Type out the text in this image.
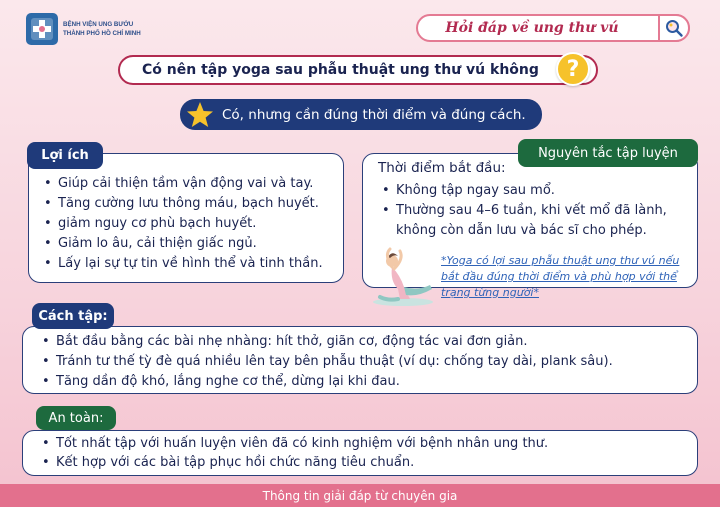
BỆNH VIỆN UNG BƯỚU
THÀNH PHỐ HỒ CHÍ MINH	Hỏi đáp về ung thư vú
Có nên tập yoga sau phẫu thuật ung thư vú không	?
Có, nhưng cần đúng thời điểm và đúng cách.
Lợi ích
• Giúp cải thiện tầm vận động vai và tay.
• Tăng cường lưu thông máu, bạch huyết.
• giảm nguy cơ phù bạch huyết.
• Giảm lo âu, cải thiện giấc ngủ.
• Lấy lại sự tự tin về hình thể và tinh thần.
Nguyên tắc tập luyện
Thời điểm bắt đầu:
• Không tập ngay sau mổ.
• Thường sau 4–6 tuần, khi vết mổ đã lành, không còn dẫn lưu và bác sĩ cho phép.
*Yoga có lợi sau phẫu thuật ung thư vú nếu bắt đầu đúng thời điểm và phù hợp với thể trạng từng người*
Cách tập:
• Bắt đầu bằng các bài nhẹ nhàng: hít thở, giãn cơ, động tác vai đơn giản.
• Tránh tư thế tỳ đè quá nhiều lên tay bên phẫu thuật (ví dụ: chống tay dài, plank sâu).
• Tăng dần độ khó, lắng nghe cơ thể, dừng lại khi đau.
An toàn:
• Tốt nhất tập với huấn luyện viên đã có kinh nghiệm với bệnh nhân ung thư.
• Kết hợp với các bài tập phục hồi chức năng tiêu chuẩn.
Thông tin giải đáp từ chuyên gia
